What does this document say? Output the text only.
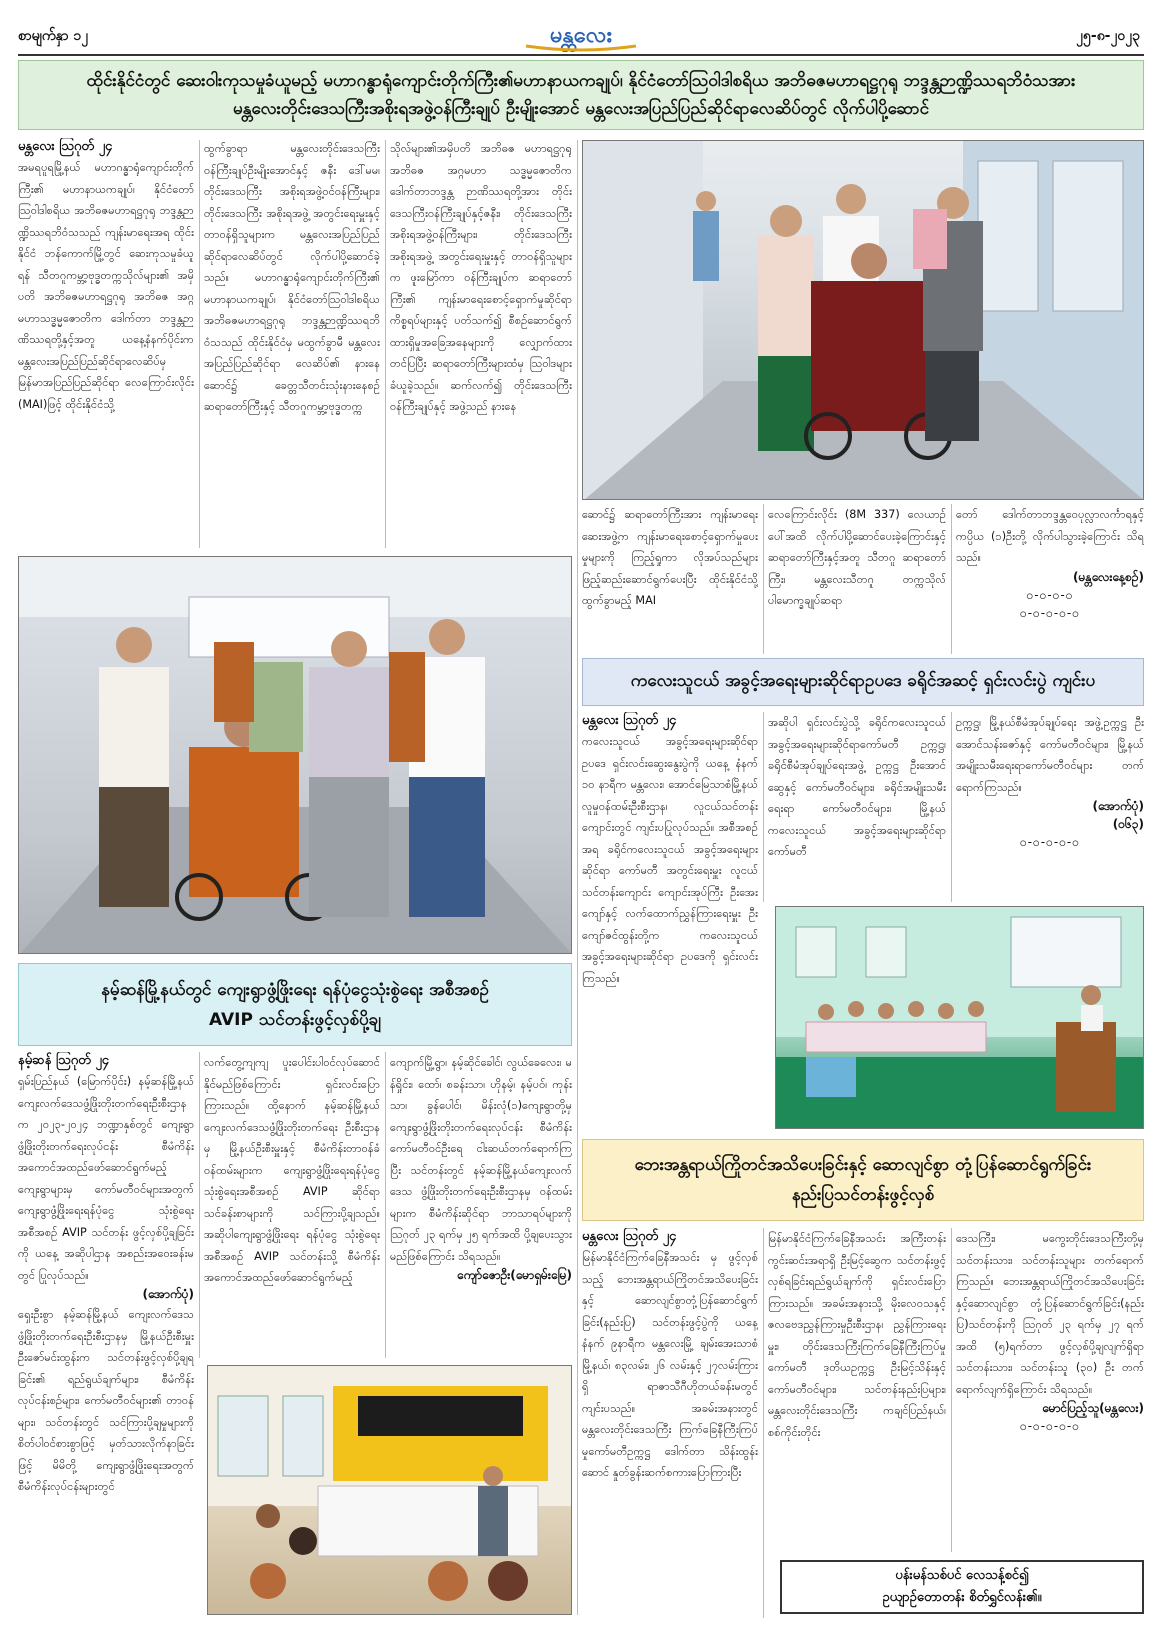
စာမျက်နှာ ၁၂	မန္တလေး	၂၅-၈-၂၀၂၃
ထိုင်းနိုင်ငံတွင် ဆေးဝါးကုသမှုခံယူမည့် မဟာဂန္ဓာရုံကျောင်းတိုက်ကြီး၏မဟာနာယကချုပ်၊ နိုင်ငံတော်ဩဝါဒါစရိယ အဘိဓဇမဟာရဋ္ဌဂုရု ဘဒ္ဒန္တဉာဏ္ဍိဿရဘိဝံသအား
မန္တလေးတိုင်းဒေသကြီးအစိုးရအဖွဲ့ဝန်ကြီးချုပ် ဦးမျိုးအောင် မန္တလေးအပြည်ပြည်ဆိုင်ရာလေဆိပ်တွင် လိုက်ပါပို့ဆောင်
မန္တလေး ဩဂုတ် ၂၄
အမရပူရမြို့နယ် မဟာဂန္ဓာရုံကျောင်းတိုက်ကြီး၏ မဟာနာယကချုပ်၊ နိုင်ငံတော် ဩဝါဒါစရိယ အဘိဓဇမဟာရဋ္ဌဂုရု ဘဒ္ဒန္တဉာဏ္ဍိဿရဘိဝံသသည် ကျန်းမာရေးအရ ထိုင်းနိုင်ငံ ဘန်ကောက်မြို့တွင် ဆေးကုသမှုခံယူရန် သီတဂူကမ္ဘာ့ဗုဒ္ဓတက္ကသိုလ်များ၏ အမှိပတိ အဘိဓဇမဟာရဋ္ဌဂုရု အဘိဓဇ အဂ္ဂမဟာသဒ္ဓမ္မဇောတိက ဒေါက်တာ ဘဒ္ဒန္တဉာဏိဿရတို့နှင့်အတူ ယနေ့နံနက်ပိုင်းက မန္တလေးအပြည်ပြည်ဆိုင်ရာလေဆိပ်မှ မြန်မာအပြည်ပြည်ဆိုင်ရာ လေကြောင်းလိုင်း (MAI)ဖြင့် ထိုင်းနိုင်ငံသို့
ထွက်ခွာရာ မန္တလေးတိုင်းဒေသကြီး ဝန်ကြီးချုပ်ဦးမျိုးအောင်နှင့် ဇနီး ဒေါ်မမ၊ တိုင်းဒေသကြီး အစိုးရအဖွဲ့ဝင်ဝန်ကြီးများ၊ တိုင်းဒေသကြီး အစိုးရအဖွဲ့ အတွင်းရေးမှူးနှင့် တာဝန်ရှိသူများက မန္တလေးအပြည်ပြည်ဆိုင်ရာလေဆိပ်တွင် လိုက်ပါပို့ဆောင်ခဲ့သည်။ မဟာဂန္ဓာရုံကျောင်းတိုက်ကြီး၏ မဟာနာယကချုပ်၊ နိုင်ငံတော်ဩဝါဒါစရိယ အဘိဓဇမဟာရဋ္ဌဂုရု ဘဒ္ဒန္တဉာဏ္ဍိဿရဘိဝံသသည် ထိုင်းနိုင်ငံမှ မထွက်ခွာမီ မန္တလေးအပြည်ပြည်ဆိုင်ရာ လေဆိပ်၏ နားနေဆောင်၌ ခေတ္တသီတင်းသုံးနားနေစဉ် ဆရာတော်ကြီးနှင့် သီတဂူကမ္ဘာ့ဗုဒ္ဓတက္က
သိုလ်များ၏အမှိပတိ အဘိဓဇ မဟာရဋ္ဌဂုရု အဘိဓဇ အဂ္ဂမဟာ သဒ္ဓမ္မဇောတိက ဒေါက်တာဘဒ္ဒန္တ ဉာဏိဿရတို့အား တိုင်းဒေသကြီးဝန်ကြီးချုပ်နှင့်ဇနီး၊ တိုင်းဒေသကြီးအစိုးရအဖွဲ့ဝန်ကြီးများ၊ တိုင်းဒေသကြီးအစိုးရအဖွဲ့ အတွင်းရေးမှူးနှင့် တာဝန်ရှိသူများက ဖူးမြော်ကာ ဝန်ကြီးချုပ်က ဆရာတော်ကြီး၏ ကျန်းမာရေးစောင့်ရှောက်မှုဆိုင်ရာ ကိစ္စရပ်များနှင့် ပတ်သက်၍ စီစဉ်ဆောင်ရွက်ထားရှိမှုအခြေအနေများကို လျှောက်ထားတင်ပြပြီး ဆရာတော်ကြီးများထံမှ ဩဝါဒများခံယူခဲ့သည်။ ဆက်လက်၍ တိုင်းဒေသကြီး ဝန်ကြီးချုပ်နှင့် အဖွဲ့သည် နားနေ
ဆောင်၌ ဆရာတော်ကြီးအား ကျန်းမာရေးဆေးအဖွဲ့က ကျန်းမာရေးစောင့်ရှောက်မှုပေးမှုများကို ကြည့်ရှုကာ လိုအပ်သည်များ ဖြည့်ဆည်းဆောင်ရွက်ပေးပြီး ထိုင်းနိုင်ငံသို့ ထွက်ခွာမည့် MAI
လေကြောင်းလိုင်း (8M 337) လေယာဉ်ပေါ်အထိ လိုက်ပါပို့ဆောင်ပေးခဲ့ကြောင်းနှင့် ဆရာတော်ကြီးနှင့်အတူ သီတဂူ ဆရာတော်ကြီး၊ မန္တလေးသီတဂူ တက္ကသိုလ်ပါမောက္ခချုပ်ဆရာ
တော် ဒေါက်တာဘဒ္ဒန္တဝေပုလ္လာလင်္ကာရနှင့် ကပ္ပိယ (၁)ဦးတို့ လိုက်ပါသွားခဲ့ကြောင်း သိရသည်။
(မန္တလေးနေ့စဉ်)
ဝ-ဝ-ဝ-ဝ
ဝ-ဝ-ဝ-ဝ-ဝ
ကလေးသူငယ် အခွင့်အရေးများဆိုင်ရာဥပဒေ ခရိုင်အဆင့် ရှင်းလင်းပွဲ ကျင်းပ
မန္တလေး ဩဂုတ် ၂၄
ကလေးသူငယ် အခွင့်အရေးများဆိုင်ရာဥပဒေ ရှင်းလင်းဆွေးနွေးပွဲကို ယနေ့ နံနက် ၁၀ နာရီက မန္တလေး၊ အောင်မြေသာစံမြို့နယ် လူမှုဝန်ထမ်းဦးစီးဌာန၊ လူငယ်သင်တန်းကျောင်းတွင် ကျင်းပပြုလုပ်သည်။ အစီအစဉ်အရ ခရိုင်ကလေးသူငယ် အခွင့်အရေးများဆိုင်ရာ ကော်မတီ အတွင်းရေးမှူး လူငယ်သင်တန်းကျောင်း ကျောင်းအုပ်ကြီး ဦးအေးကျော်နှင့် လက်ထောက်ညွှန်ကြားရေးမှူး ဦးကျော်ဇင်ထွန်းတို့က ကလေးသူငယ် အခွင့်အရေးများဆိုင်ရာ ဥပဒေကို ရှင်းလင်းကြသည်။
အဆိုပါ ရှင်းလင်းပွဲသို့ ခရိုင်ကလေးသူငယ်အခွင့်အရေးများဆိုင်ရာကော်မတီ ဥက္ကဋ္ဌ၊ ခရိုင်စီမံအုပ်ချုပ်ရေးအဖွဲ့ ဥက္ကဋ္ဌ ဦးအောင်ဆွေနှင့် ကော်မတီဝင်များ၊ ခရိုင်အမျိုးသမီးရေးရာ ကော်မတီဝင်များ၊ မြို့နယ်ကလေးသူငယ် အခွင့်အရေးများဆိုင်ရာကော်မတီ
ဥက္ကဋ္ဌ၊ မြို့နယ်စီမံအုပ်ချုပ်ရေး အဖွဲ့ဥက္ကဋ္ဌ ဦးအောင်သန်းဇော်နှင့် ကော်မတီဝင်များ၊ မြို့နယ်အမျိုးသမီးရေးရာကော်မတီဝင်များ တက်ရောက်ကြသည်။
(အောက်ပုံ)
(ဝ၆၃)
ဝ-ဝ-ဝ-ဝ-ဝ
နမ့်ဆန်မြို့နယ်တွင် ကျေးရွာဖွံ့ဖြိုးရေး ရန်ပုံငွေသုံးစွဲရေး အစီအစဉ်
AVIP သင်တန်းဖွင့်လှစ်ပို့ချ
နမ့်ဆန် ဩဂုတ် ၂၄
ရှမ်းပြည်နယ် (မြောက်ပိုင်း) နမ့်ဆန်မြို့နယ် ကျေးလက်ဒေသဖွံ့ဖြိုးတိုးတက်ရေးဦးစီးဌာနက ၂၀၂၃-၂၀၂၄ ဘဏ္ဍာနှစ်တွင် ကျေးရွာဖွံ့ဖြိုးတိုးတက်ရေးလုပ်ငန်း စီမံကိန်း အကောင်အထည်ဖော်ဆောင်ရွက်မည့် ကျေးရွာများမှ ကော်မတီဝင်များအတွက် ကျေးရွာဖွံ့ဖြိုးရေးရန်ပုံငွေ သုံးစွဲရေး အစီအစဉ် AVIP သင်တန်း ဖွင့်လှစ်ပို့ချခြင်းကို ယနေ့ အဆိုပါဌာန အစည်းအဝေးခန်းမတွင် ပြုလုပ်သည်။
(အောက်ပုံ)
ရှေးဦးစွာ နမ့်ဆန်မြို့နယ် ကျေးလက်ဒေသ ဖွံ့ဖြိုးတိုးတက်ရေးဦးစီးဌာနမှ မြို့နယ်ဦးစီးမှူး ဦးဇော်မင်းထွန်းက သင်တန်းဖွင့်လှစ်ပို့ချရခြင်း၏ ရည်ရွယ်ချက်များ၊ စီမံကိန်းလုပ်ငန်းစဉ်များ၊ ကော်မတီဝင်များ၏ တာဝန်များ၊ သင်တန်းတွင် သင်ကြားပို့ချမှုများကို စိတ်ပါဝင်စားစွာဖြင့် မှတ်သားလိုက်နာခြင်းဖြင့် မိမိတို့ ကျေးရွာဖွံ့ဖြိုးရေးအတွက် စီမံကိန်းလုပ်ငန်းများတွင်
လက်တွေ့ကျကျ ပူးပေါင်းပါဝင်လုပ်ဆောင်နိုင်မည်ဖြစ်ကြောင်း ရှင်းလင်းပြောကြားသည်။ ထို့နောက် နမ့်ဆန်မြို့နယ် ကျေးလက်ဒေသဖွံ့ဖြိုးတိုးတက်ရေး ဦးစီးဌာနမှ မြို့နယ်ဦးစီးမှူးနှင့် စီမံကိန်းတာဝန်ခံဝန်ထမ်းများက ကျေးရွာဖွံ့ဖြိုးရေးရန်ပုံငွေ သုံးစွဲရေးအစီအစဉ် AVIP ဆိုင်ရာ သင်ခန်းစာများကို သင်ကြားပို့ချသည်။ အဆိုပါကျေးရွာဖွံ့ဖြိုးရေး ရန်ပုံငွေ သုံးစွဲရေးအစီအစဉ် AVIP သင်တန်းသို့ စီမံကိန်း အကောင်အထည်ဖော်ဆောင်ရွက်မည့်
ကျောက်မြို့ရွာ၊ နမ့်ဆိုင်ခေါင်၊ လွယ်ခေလေး၊ မန်ရှိုင်း၊ ထော်၊ စခန်းသာ၊ ဟိုနမ့်၊ နမ့်ပဝ်၊ ကုန်းသာ၊ ခွန်ပေါင်၊ မိန်းလုံ(၁)ကျေးရွာတို့မှ ကျေးရွာဖွံ့ဖြိုးတိုးတက်ရေးလုပ်ငန်း စီမံကိန်း ကော်မတီဝင်ဦးရေ ငါးဆယ်တက်ရောက်ကြပြီး သင်တန်းတွင် နမ့်ဆန်မြို့နယ်ကျေးလက်ဒေသ ဖွံ့ဖြိုးတိုးတက်ရေးဦးစီးဌာနမှ ဝန်ထမ်းများက စီမံကိန်းဆိုင်ရာ ဘာသာရပ်များကို ဩဂုတ် ၂၃ ရက်မှ ၂၅ ရက်အထိ ပို့ချပေးသွားမည်ဖြစ်ကြောင်း သိရသည်။
ကျော်ဇောဦး(မောရှမ်းမြေ)
ဘေးအန္တရာယ်ကြိုတင်အသိပေးခြင်းနှင့် ဆောလျင်စွာ တုံ့ပြန်ဆောင်ရွက်ခြင်း
နည်းပြသင်တန်းဖွင့်လှစ်
မန္တလေး ဩဂုတ် ၂၄
မြန်မာနိုင်ငံကြက်ခြေနီအသင်း မှ ဖွင့်လှစ်သည့် ဘေးအန္တရာယ်ကြိုတင်အသိပေးခြင်းနှင့် ဆောလျင်စွာတုံ့ပြန်ဆောင်ရွက်ခြင်း(နည်းပြ) သင်တန်းဖွင့်ပွဲကို ယနေ့ နံနက် ၉နာရီက မန္တလေးမြို့ ချမ်းအေးသာစံမြို့နယ်၊ ၈၃လမ်း၊ ၂၆ လမ်းနှင့် ၂၇လမ်းကြားရှိ ရာဇာသီဂီဟိုတယ်ခန်းမတွင် ကျင်းပသည်။ အခမ်းအနားတွင် မန္တလေးတိုင်းဒေသကြီး ကြက်ခြေနီကြီးကြပ်မှုကော်မတီဥက္ကဋ္ဌ ဒေါက်တာ သိန်းထွန်းဆောင် နှုတ်ခွန်းဆက်စကားပြောကြားပြီး
မြန်မာနိုင်ငံကြက်ခြေနီအသင်း အကြီးတန်း ကွင်းဆင်းအရာရှိ ဦးမြင့်ဆွေက သင်တန်းဖွင့်လှစ်ရခြင်းရည်ရွယ်ချက်ကို ရှင်းလင်းပြောကြားသည်။ အခမ်းအနားသို့ မိုးလေဝသနှင့် ဇလဗေဒညွှန်ကြားမှုဦးစီးဌာန၊ ညွှန်ကြားရေးမှူး၊ တိုင်းဒေသကြီးကြက်ခြေနီကြီးကြပ်မှုကော်မတီ ဒုတိယဥက္ကဋ္ဌ ဦးမြင့်သိန်းနှင့် ကော်မတီဝင်များ၊ သင်တန်းနည်းပြများ၊ မန္တလေးတိုင်းဒေသကြီး ကချင်ပြည်နယ်၊ စစ်ကိုင်းတိုင်း
ဒေသကြီး၊ မကွေးတိုင်းဒေသကြီးတို့မှသင်တန်းသား၊ သင်တန်းသူများ တက်ရောက်ကြသည်။ ဘေးအန္တရာယ်ကြိုတင်အသိပေးခြင်းနှင့်ဆောလျင်စွာ တုံ့ပြန်ဆောင်ရွက်ခြင်း(နည်းပြ)သင်တန်းကို ဩဂုတ် ၂၃ ရက်မှ ၂၇ ရက်အထိ (၅)ရက်တာ ဖွင့်လှစ်ပို့ချလျက်ရှိရာ သင်တန်းသား၊ သင်တန်းသူ (၃၀) ဦး တက်ရောက်လျက်ရှိကြောင်း သိရသည်။
မောင်ပြည့်သူ(မန္တလေး)
ဝ-ဝ-ဝ-ဝ-ဝ
ပန်းမန်သစ်ပင် လေသန့်စင်၍
ဥယျာဉ်တောတန်း စိတ်ရွှင်လန်း၏။
